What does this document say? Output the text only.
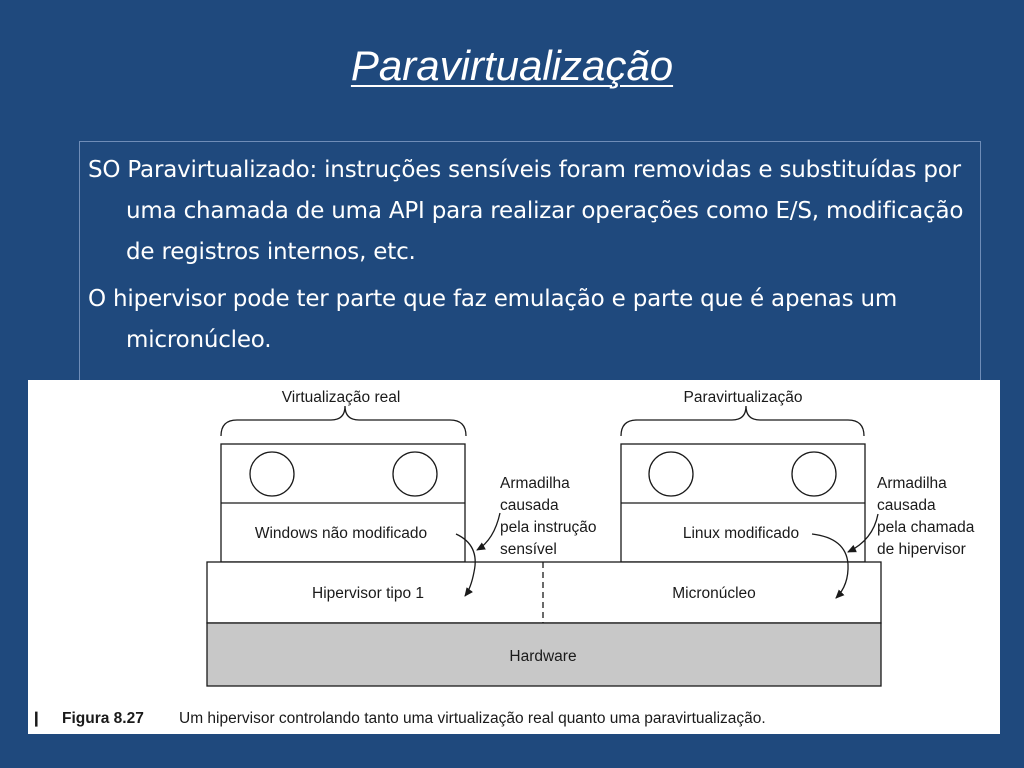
Paravirtualização
SO Paravirtualizado: instruções sensíveis foram removidas e substituídas por uma chamada de uma API para realizar operações como E/S, modificação de registros internos, etc.
O hipervisor pode ter parte que faz emulação e parte que é apenas um micronúcleo.
Virtualização real	Paravirtualização
Windows não modificado	Linux modificado
Hipervisor tipo 1	Micronúcleo
Hardware
Armadilha causada pela instrução sensível
Armadilha causada pela chamada de hipervisor
❙ Figura 8.27 Um hipervisor controlando tanto uma virtualização real quanto uma paravirtualização.
